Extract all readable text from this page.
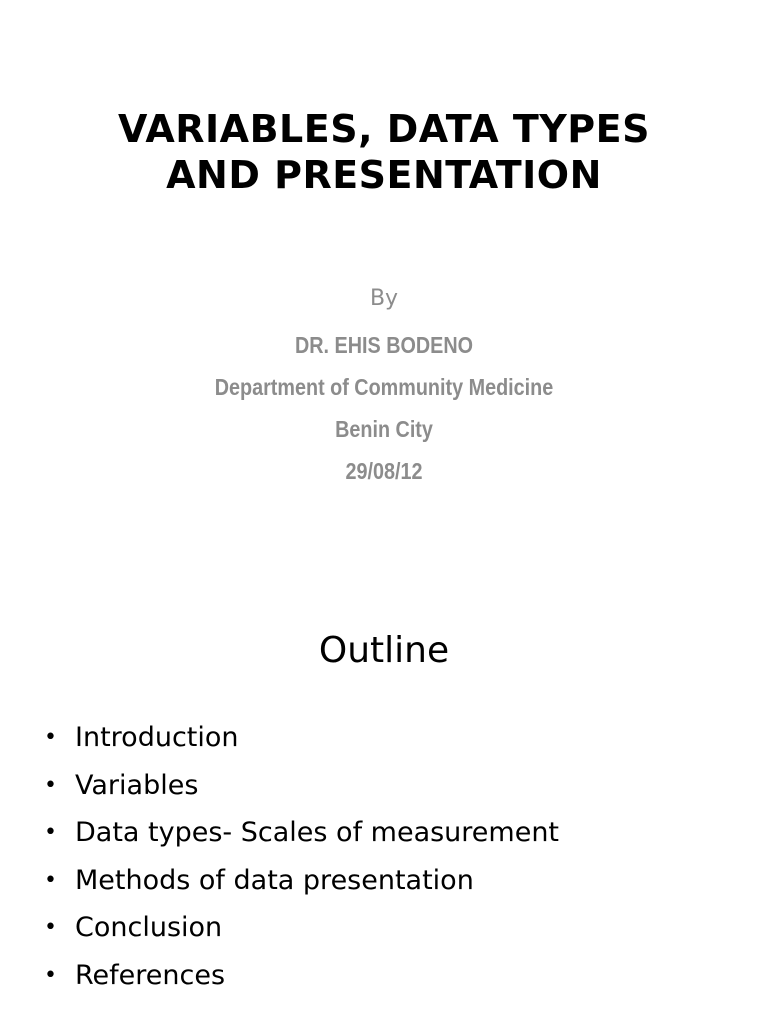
VARIABLES, DATA TYPES
AND PRESENTATION
By
DR. EHIS BODENO
Department of Community Medicine
Benin City
29/08/12
Outline
• Introduction
• Variables
• Data types- Scales of measurement
• Methods of data presentation
• Conclusion
• References
